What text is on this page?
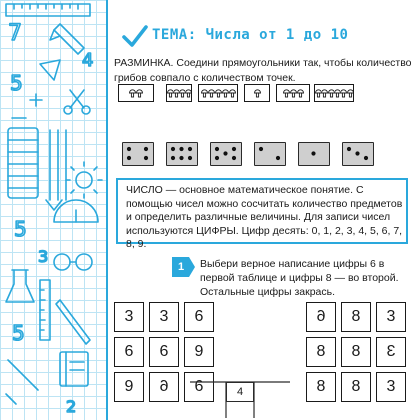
7
4
5
5
3
5
2
ТЕМА: Числа от 1 до 10
РАЗМИНКА. Соедини прямоугольники так, чтобы количество грибов совпало с количеством точек.
ЧИСЛО — основное математическое понятие. С помощью чисел можно сосчитать количество предметов и определить различные величины. Для записи чисел используются ЦИФРЫ. Цифр десять: 0, 1, 2, 3, 4, 5, 6, 7, 8, 9.
1	Выбери верное написание цифры 6 в первой таблице и цифры 8 — во второй. Остальные цифры закрась.
3	3	6
6	6	9
9	6	6
6	8	3
8	8	3
8	8	3
4
